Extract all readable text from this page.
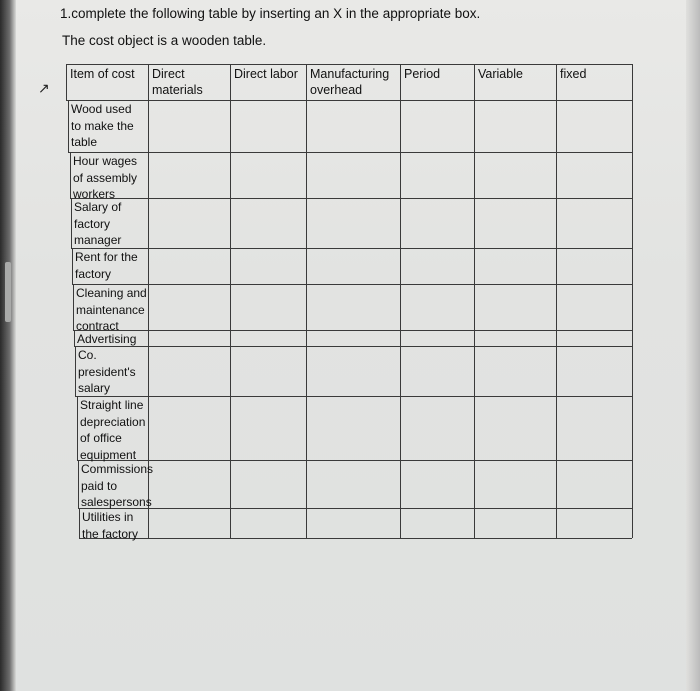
1.complete the following table by inserting an X in the appropriate box.
The cost object is a wooden table.
↗
Item of cost Direct
materials
Direct labor Manufacturing
overhead
Period	Variable	fixed
Wood used
to make the
table
Hour wages
of assembly
workers
Salary of
factory
manager
Rent for the
factory
Cleaning and
maintenance
contract
Advertising
Co.
president's
salary
Straight line
depreciation
of office
equipment
Commissions
paid to
salespersons
Utilities in
the factory
